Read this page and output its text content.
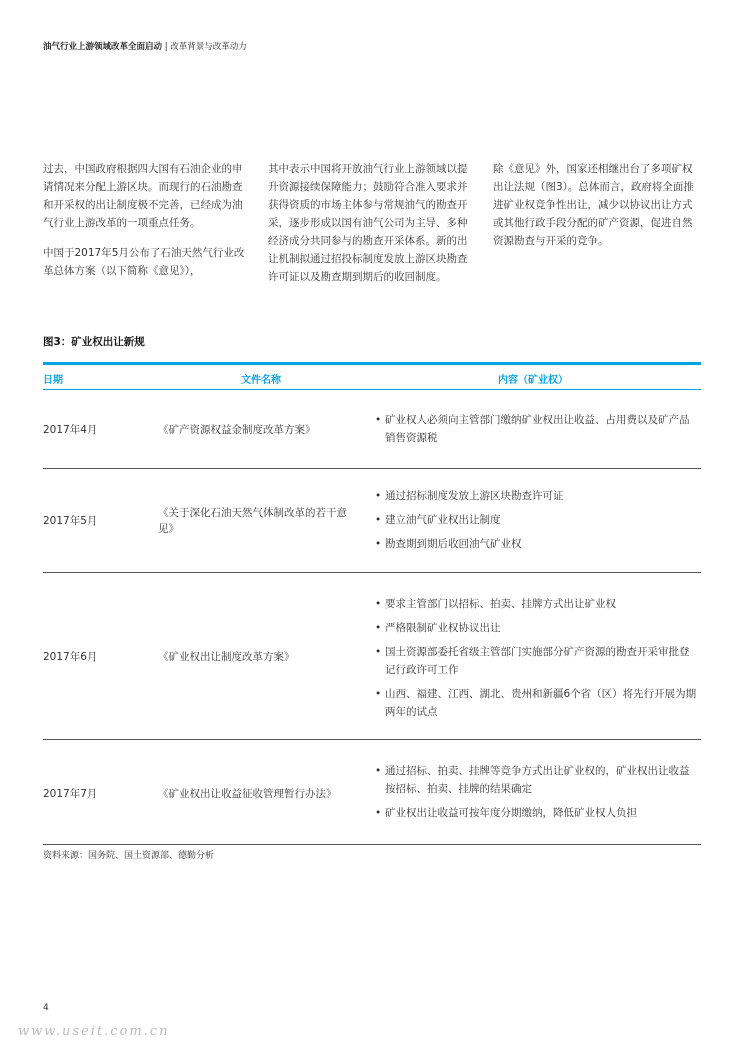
油气行业上游领域改革全面启动 | 改革背景与改革动力

过去，中国政府根据四大国有石油企业的申请情况来分配上游区块。而现行的石油勘查和开采权的出让制度极不完善，已经成为油气行业上游改革的一项重点任务。

中国于2017年5月公布了石油天然气行业改革总体方案（以下简称《意见》），

其中表示中国将开放油气行业上游领域以提升资源接续保障能力；鼓励符合准入要求并获得资质的市场主体参与常规油气的勘查开采，逐步形成以国有油气公司为主导、多种经济成分共同参与的勘查开采体系。新的出让机制拟通过招投标制度发放上游区块勘查许可证以及勘查期到期后的收回制度。

除《意见》外，国家还相继出台了多项矿权出让法规（图3）。总体而言，政府将全面推进矿业权竞争性出让，减少以协议出让方式或其他行政手段分配的矿产资源，促进自然资源勘查与开采的竞争。

图3：矿业权出让新规
日期	文件名称	内容（矿业权）
2017年4月	《矿产资源权益金制度改革方案》
• 矿业权人必须向主管部门缴纳矿业权出让收益、占用费以及矿产品销售资源税
2017年5月
《关于深化石油天然气体制改革的若干意见》
• 通过招标制度发放上游区块勘查许可证
• 建立油气矿业权出让制度
• 勘查期到期后收回油气矿业权
2017年6月	《矿业权出让制度改革方案》
• 要求主管部门以招标、拍卖、挂牌方式出让矿业权
• 严格限制矿业权协议出让
• 国土资源部委托省级主管部门实施部分矿产资源的勘查开采审批登记行政许可工作
• 山西、福建、江西、湖北、贵州和新疆6个省（区）将先行开展为期两年的试点
2017年7月	《矿业权出让收益征收管理暂行办法》
• 通过招标、拍卖、挂牌等竞争方式出让矿业权的，矿业权出让收益按招标、拍卖、挂牌的结果确定
• 矿业权出让收益可按年度分期缴纳，降低矿业权人负担
资料来源：国务院、国土资源部、德勤分析
4
www.useit.com.cn
